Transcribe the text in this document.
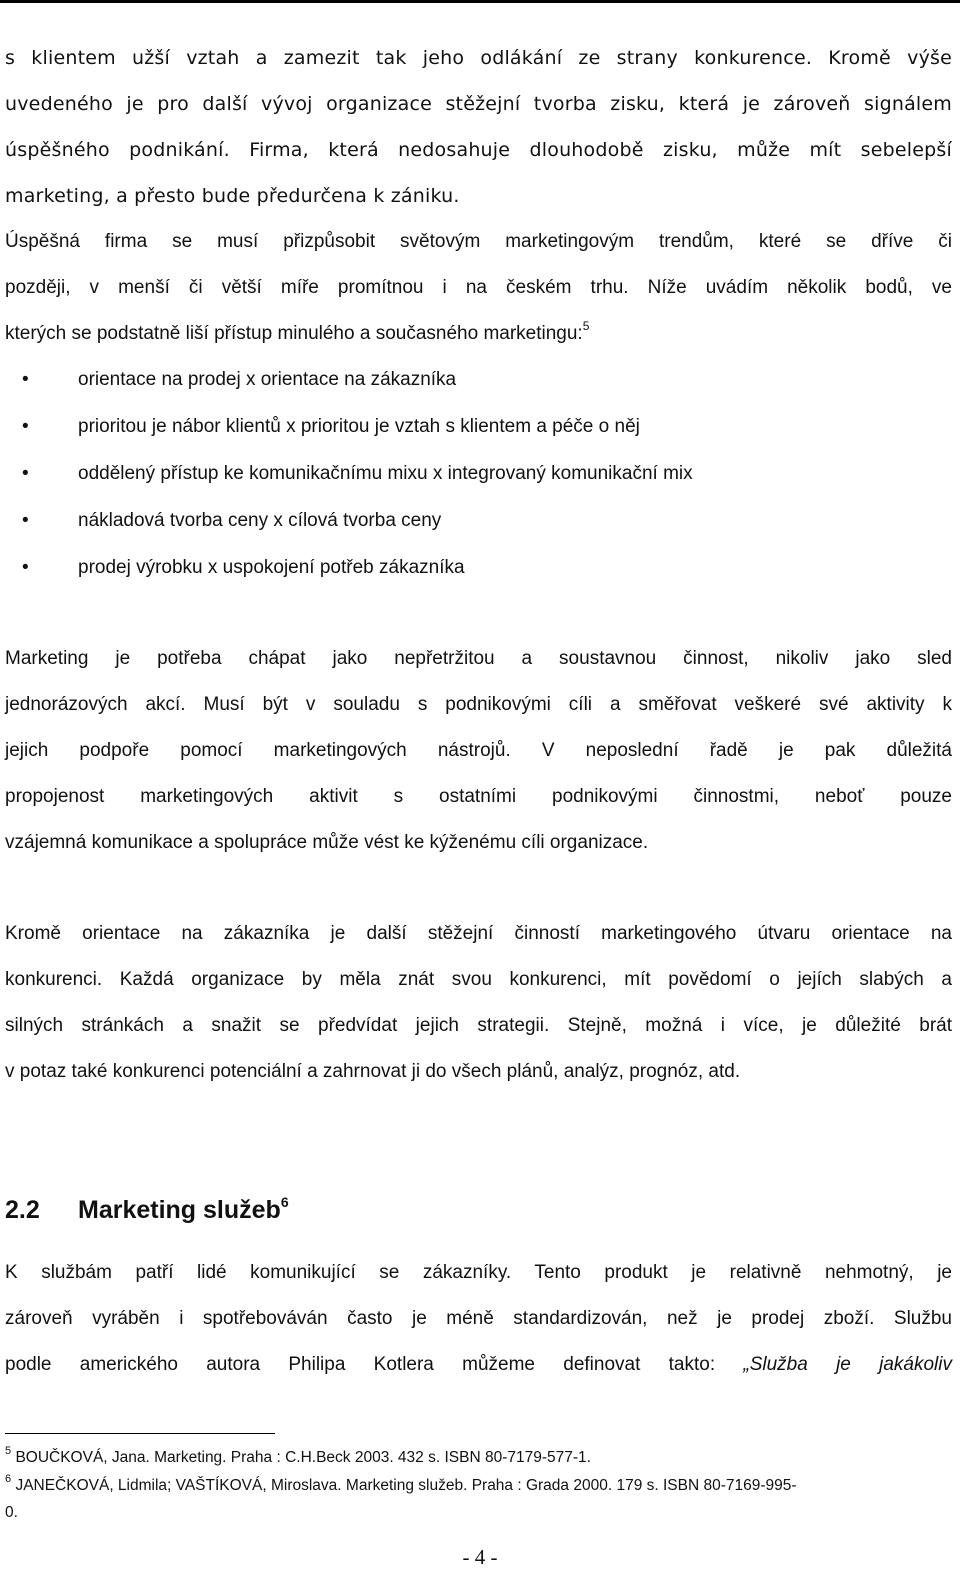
s klientem užší vztah a zamezit tak jeho odlákání ze strany konkurence. Kromě výše
uvedeného je pro další vývoj organizace stěžejní tvorba zisku, která je zároveň signálem
úspěšného podnikání. Firma, která nedosahuje dlouhodobě zisku, může mít sebelepší
marketing, a přesto bude předurčena k zániku.
Úspěšná firma se musí přizpůsobit světovým marketingovým trendům, které se dříve či
později, v menší či větší míře promítnou i na českém trhu. Níže uvádím několik bodů, ve
kterých se podstatně liší přístup minulého a současného marketingu:$^5$
•	orientace na prodej x orientace na zákazníka
•	prioritou je nábor klientů x prioritou je vztah s klientem a péče o něj
•	oddělený přístup ke komunikačnímu mixu x integrovaný komunikační mix
•	nákladová tvorba ceny x cílová tvorba ceny
•	prodej výrobku x uspokojení potřeb zákazníka
Marketing je potřeba chápat jako nepřetržitou a soustavnou činnost, nikoliv jako sled
jednorázových akcí. Musí být v souladu s podnikovými cíli a směřovat veškeré své aktivity k
jejich podpoře pomocí marketingových nástrojů. V neposlední řadě je pak důležitá
propojenost marketingových aktivit s ostatními podnikovými činnostmi, neboť pouze
vzájemná komunikace a spolupráce může vést ke kýženému cíli organizace.
Kromě orientace na zákazníka je další stěžejní činností marketingového útvaru orientace na
konkurenci. Každá organizace by měla znát svou konkurenci, mít povědomí o jejích slabých a
silných stránkách a snažit se předvídat jejich strategii. Stejně, možná i více, je důležité brát
v potaz také konkurenci potenciální a zahrnovat ji do všech plánů, analýz, prognóz, atd.
2.2 Marketing služeb$^6$
K službám patří lidé komunikující se zákazníky. Tento produkt je relativně nehmotný, je
zároveň vyráběn i spotřebováván často je méně standardizován, než je prodej zboží. Službu
podle amerického autora Philipa Kotlera můžeme definovat takto: „Služba je jakákoliv
$^5$ BOUČKOVÁ, Jana. Marketing. Praha : C.H.Beck 2003. 432 s. ISBN 80-7179-577-1.
$^6$ JANEČKOVÁ, Lidmila; VAŠTÍKOVÁ, Miroslava. Marketing služeb. Praha : Grada 2000. 179 s. ISBN 80-7169-995-
0.
- 4 -
